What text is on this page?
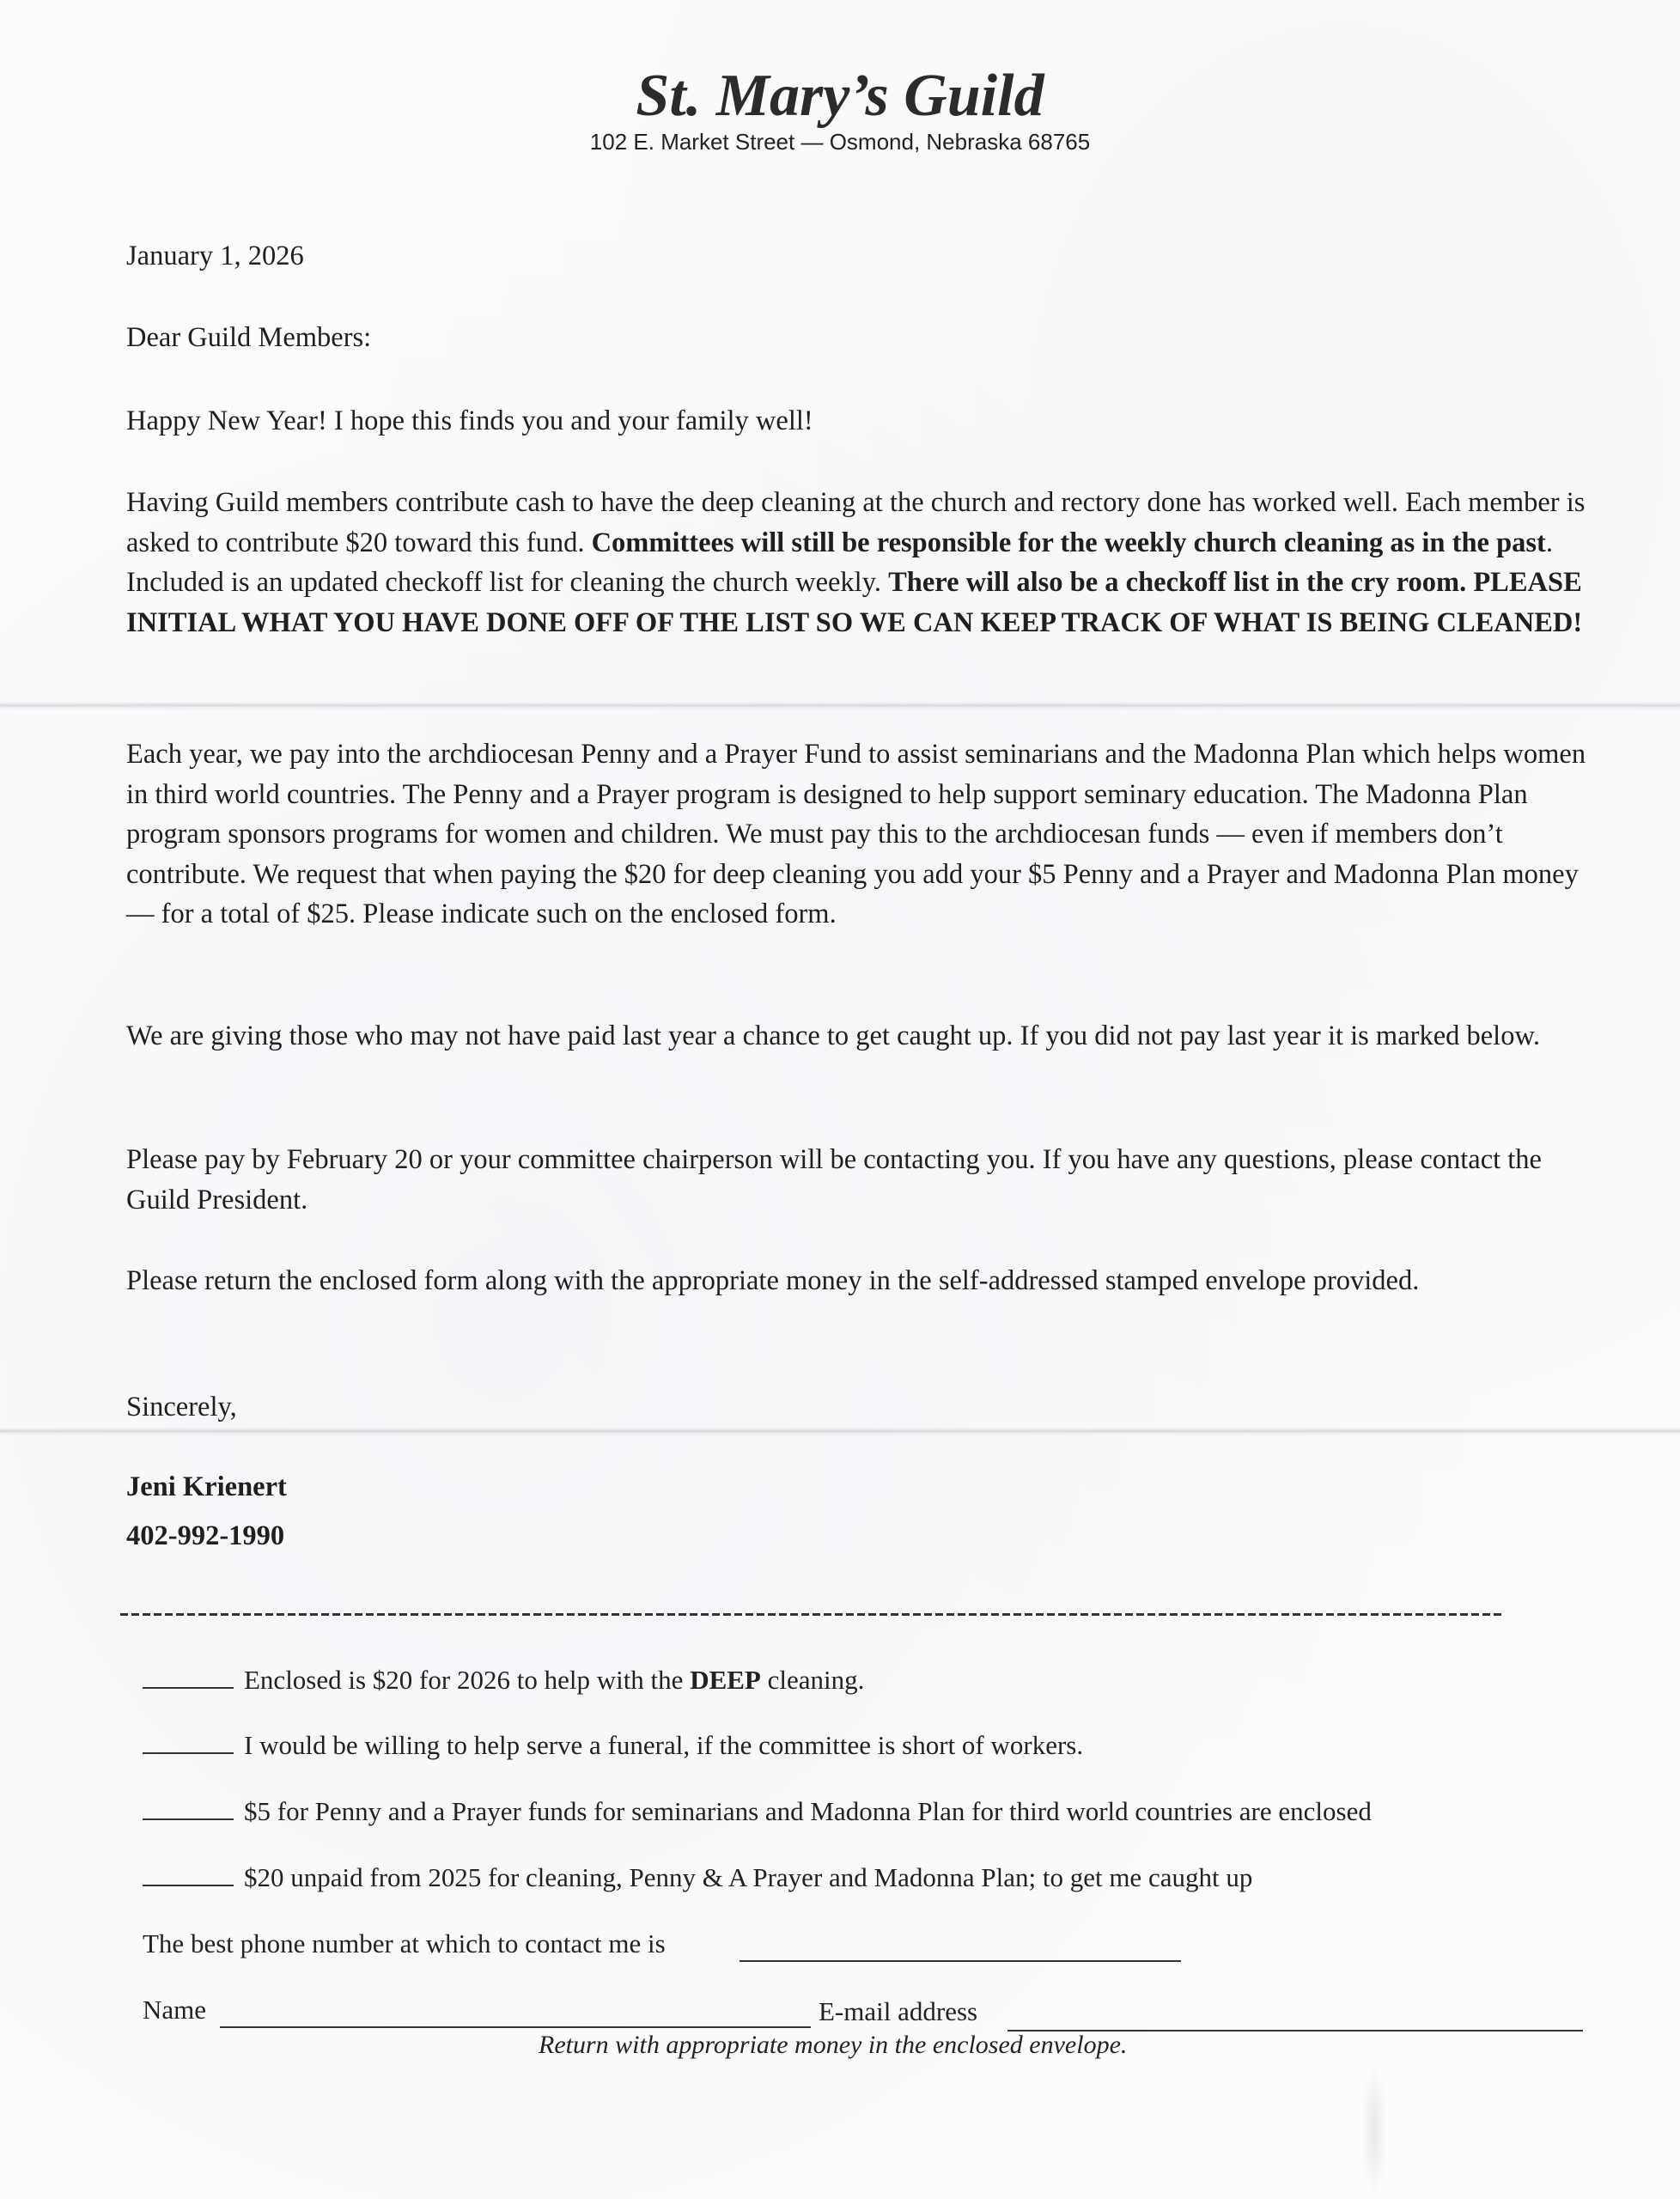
St. Mary’s Guild
102 E. Market Street — Osmond, Nebraska 68765
January 1, 2026
Dear Guild Members:
Happy New Year! I hope this finds you and your family well!
Having Guild members contribute cash to have the deep cleaning at the church and rectory done has worked well. Each member is asked to contribute $20 toward this fund. Committees will still be responsible for the weekly church cleaning as in the past. Included is an updated checkoff list for cleaning the church weekly. There will also be a checkoff list in the cry room. PLEASE INITIAL WHAT YOU HAVE DONE OFF OF THE LIST SO WE CAN KEEP TRACK OF WHAT IS BEING CLEANED!
Each year, we pay into the archdiocesan Penny and a Prayer Fund to assist seminarians and the Madonna Plan which helps women in third world countries. The Penny and a Prayer program is designed to help support seminary education. The Madonna Plan program sponsors programs for women and children. We must pay this to the archdiocesan funds — even if members don’t contribute. We request that when paying the $20 for deep cleaning you add your $5 Penny and a Prayer and Madonna Plan money — for a total of $25. Please indicate such on the enclosed form.
We are giving those who may not have paid last year a chance to get caught up. If you did not pay last year it is marked below.
Please pay by February 20 or your committee chairperson will be contacting you. If you have any questions, please contact the Guild President.
Please return the enclosed form along with the appropriate money in the self-addressed stamped envelope provided.
Sincerely,
Jeni Krienert
402-992-1990
Enclosed is $20 for 2026 to help with the DEEP cleaning.
I would be willing to help serve a funeral, if the committee is short of workers.
$5 for Penny and a Prayer funds for seminarians and Madonna Plan for third world countries are enclosed
$20 unpaid from 2025 for cleaning, Penny & A Prayer and Madonna Plan; to get me caught up
The best phone number at which to contact me is
Name	E-mail address
Return with appropriate money in the enclosed envelope.
